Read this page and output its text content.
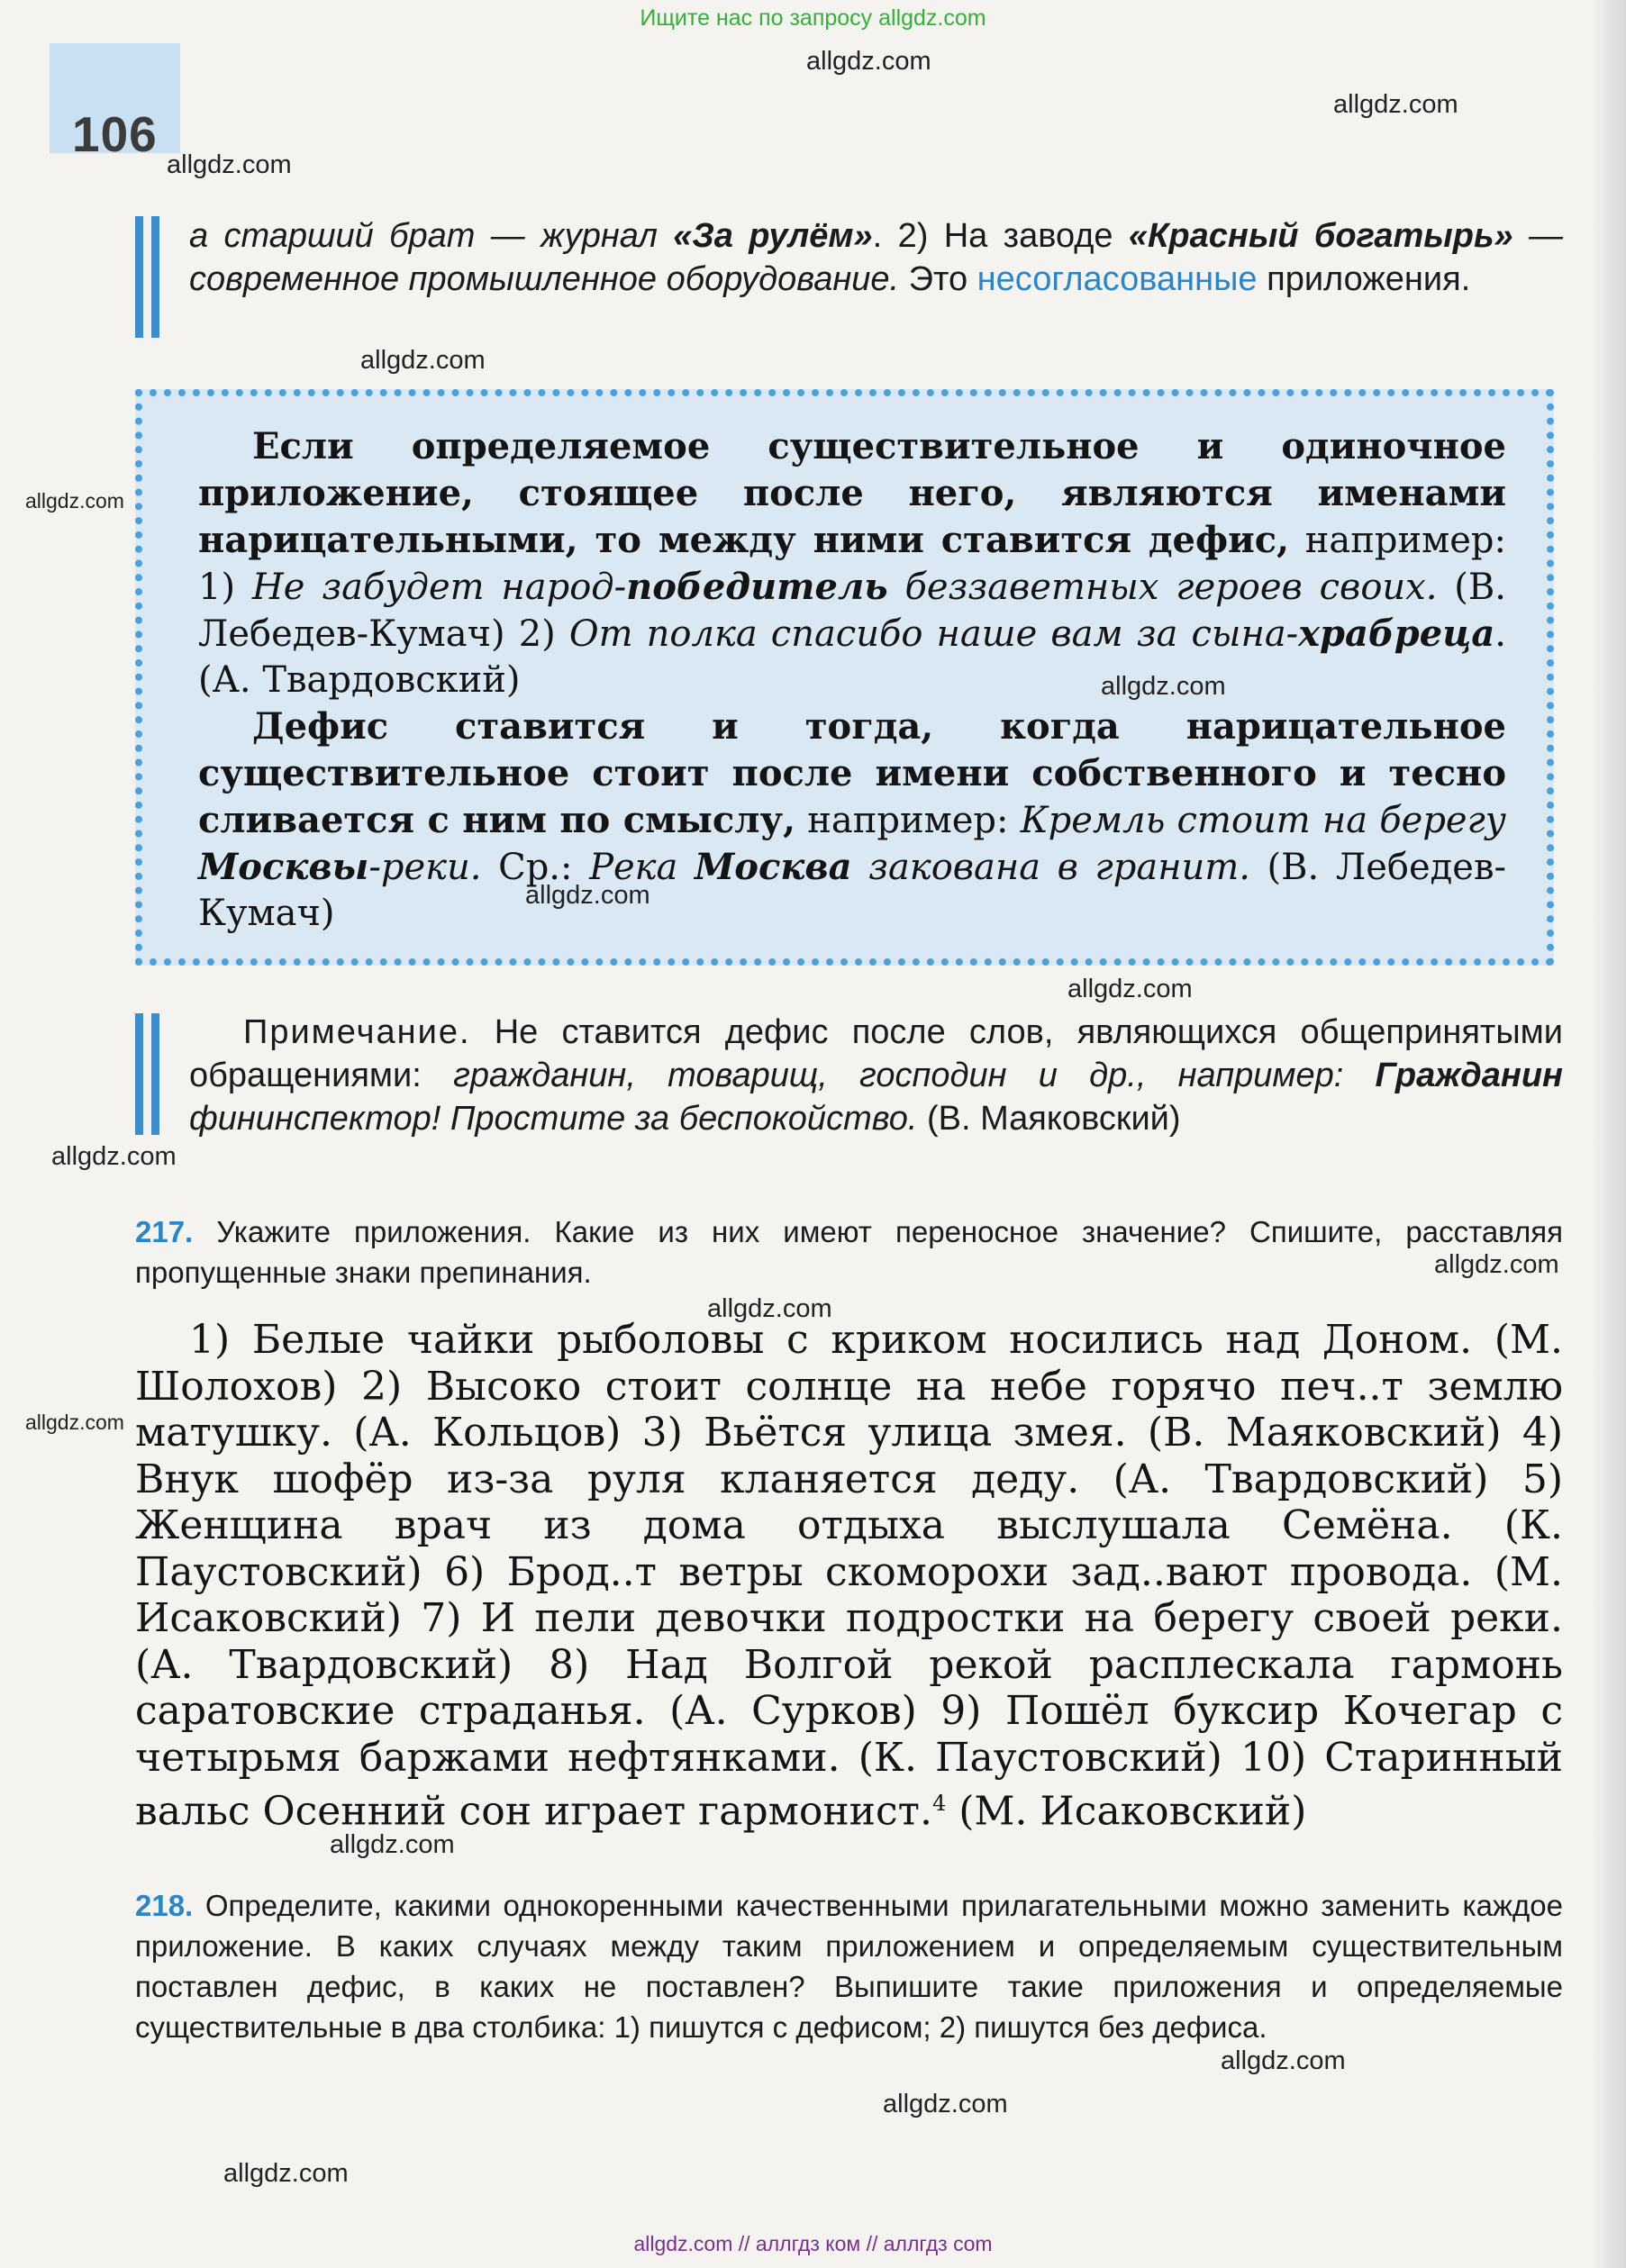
Ищите нас по запросу allgdz.com
106
allgdz.com
allgdz.com
allgdz.com
allgdz.com
а старший брат — журнал «За рулём». 2) На заводе «Красный богатырь» — современное промышленное оборудование. Это несогласованные приложения.

Если определяемое существительное и одиночное приложение, стоящее после него, являются именами нарицательными, то между ними ставится дефис, например: 1) Не забудет народ-победитель беззаветных героев своих. (В. Лебедев-Кумач) 2) От полка спасибо наше вам за сына-храбреца. (А. Твардовский)

Дефис ставится и тогда, когда нарицательное существительное стоит после имени собственного и тесно сливается с ним по смыслу, например: Кремль стоит на берегу Москвы-реки. Ср.: Река Москва закована в гранит. (В. Лебедев-Кумач)

allgdz.com
allgdz.com
allgdz.com
allgdz.com
Примечание. Не ставится дефис после слов, являющихся общепринятыми обращениями: гражданин, товарищ, господин и др., например: Гражданин фининспектор! Простите за беспокойство. (В. Маяковский)
allgdz.com
217. Укажите приложения. Какие из них имеют переносное значение? Спишите, расставляя пропущенные знаки препинания.	allgdz.com
allgdz.com
allgdz.com
1) Белые чайки рыболовы с криком носились над Доном. (М. Шолохов) 2) Высоко стоит солнце на небе горячо печ..т землю матушку. (А. Кольцов) 3) Вьётся улица змея. (В. Маяковский) 4) Внук шофёр из-за руля кланяется деду. (А. Твардовский) 5) Женщина врач из дома отдыха выслушала Семёна. (К. Паустовский) 6) Брод..т ветры скоморохи зад..вают провода. (М. Исаковский) 7) И пели девочки подростки на берегу своей реки. (А. Твардовский) 8) Над Волгой рекой расплескала гармонь саратовские страданья. (А. Сурков) 9) Пошёл буксир Кочегар с четырьмя баржами нефтянками. (К. Паустовский) 10) Старинный вальс Осенний сон играет гармонист.$^4$ (М. Исаковский)
allgdz.com
218. Определите, какими однокоренными качественными прилагательными можно заменить каждое приложение. В каких случаях между таким приложением и определяемым существительным поставлен дефис, в каких не поставлен? Выпишите такие приложения и определяемые существительные в два столбика: 1) пишутся с дефисом; 2) пишутся без дефиса.
allgdz.com
allgdz.com
allgdz.com
allgdz.com // аллгдз ком // аллгдз com
